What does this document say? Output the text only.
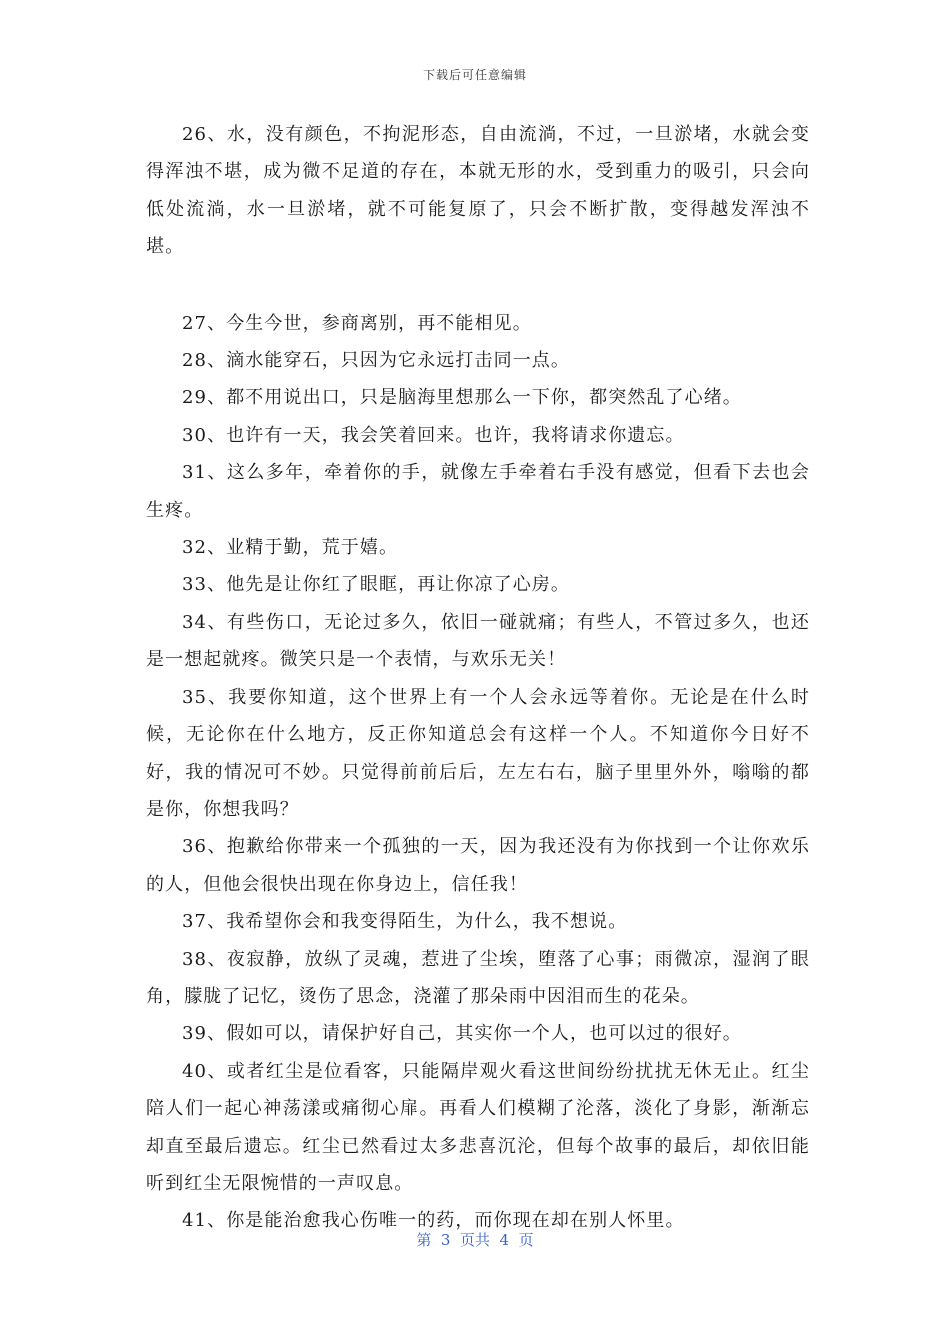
下载后可任意编辑

26、水，没有颜色，不拘泥形态，自由流淌，不过，一旦淤堵，水就会变得浑浊不堪，成为微不足道的存在，本就无形的水，受到重力的吸引，只会向低处流淌，水一旦淤堵，就不可能复原了，只会不断扩散，变得越发浑浊不堪。

27、今生今世，参商离别，再不能相见。

28、滴水能穿石，只因为它永远打击同一点。

29、都不用说出口，只是脑海里想那么一下你，都突然乱了心绪。

30、也许有一天，我会笑着回来。也许，我将请求你遗忘。

31、这么多年，牵着你的手，就像左手牵着右手没有感觉，但看下去也会生疼。

32、业精于勤，荒于嬉。

33、他先是让你红了眼眶，再让你凉了心房。

34、有些伤口，无论过多久，依旧一碰就痛；有些人，不管过多久，也还是一想起就疼。微笑只是一个表情，与欢乐无关！

35、我要你知道，这个世界上有一个人会永远等着你。无论是在什么时候，无论你在什么地方，反正你知道总会有这样一个人。不知道你今日好不好，我的情况可不妙。只觉得前前后后，左左右右，脑子里里外外，嗡嗡的都是你，你想我吗？

36、抱歉给你带来一个孤独的一天，因为我还没有为你找到一个让你欢乐的人，但他会很快出现在你身边上，信任我！

37、我希望你会和我变得陌生，为什么，我不想说。

38、夜寂静，放纵了灵魂，惹进了尘埃，堕落了心事；雨微凉，湿润了眼角，朦胧了记忆，烫伤了思念，浇灌了那朵雨中因泪而生的花朵。

39、假如可以，请保护好自己，其实你一个人，也可以过的很好。

40、或者红尘是位看客，只能隔岸观火看这世间纷纷扰扰无休无止。红尘陪人们一起心神荡漾或痛彻心扉。再看人们模糊了沦落，淡化了身影，渐渐忘却直至最后遗忘。红尘已然看过太多悲喜沉沦，但每个故事的最后，却依旧能听到红尘无限惋惜的一声叹息。

41、你是能治愈我心伤唯一的药，而你现在却在别人怀里。

第  3  页共  4  页
